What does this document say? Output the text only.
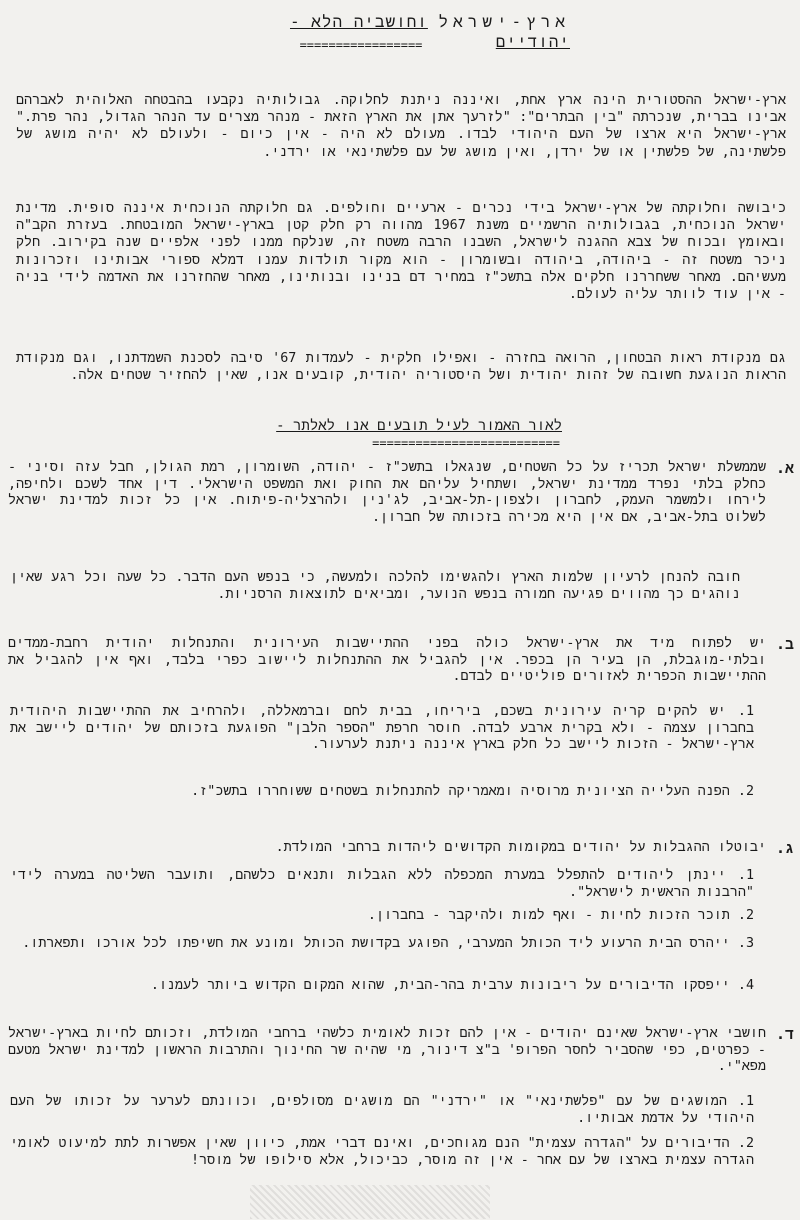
ארץ-ישראל וחושביה הלא - יהודיים
=================

ארץ-ישראל ההסטורית הינה ארץ אחת, ואיננה ניתנת לחלוקה. גבולותיה נקבעו בהבטחה האלוהית לאברהם אבינו בברית, שנכרתה "בין הבתרים": "לזרעך אתן את הארץ הזאת - מנהר מצרים עד הנהר הגדול, נהר פרת." ארץ-ישראל היא ארצו של העם היהודי לבדו. מעולם לא היה - אין כיום - ולעולם לא יהיה מושג של פלשתינה, של פלשתין או של ירדן, ואין מושג של עם פלשתינאי או ירדני.

כיבושה וחלוקתה של ארץ-ישראל בידי נכרים - ארעיים וחולפים. גם חלוקתה הנוכחית איננה סופית. מדינת ישראל הנוכחית, בגבולותיה הרשמיים משנת 1967 מהווה רק חלק קטן בארץ-ישראל המובטחת. בעזרת הקב"ה ובאומץ ובכוח של צבא ההגנה לישראל, השבנו הרבה משטח זה, שנלקח ממנו לפני אלפיים שנה בקירוב. חלק ניכר משטח זה - ביהודה, ביהודה ובשומרון - הוא מקור תולדות עמנו דמלא ספורי אבותינו וזכרונות מעשיהם. מאחר ששחררנו חלקים אלה בתשכ"ז במחיר דם בנינו ובנותינו, מאחר שהחזרנו את האדמה לידי בניה - אין עוד לוותר עליה לעולם.

גם מנקודת ראות הבטחון, הרואה בחזרה - ואפילו חלקית - לעמדות 67' סיבה לסכנת השמדתנו, וגם מנקודת הראות הנוגעת חשובה של זהות יהודית ושל היסטוריה יהודית, קובעים אנו, שאין להחזיר שטחים אלה.

לאור האמור לעיל תובעים אנו לאלתר -
==========================
א.

שממשלת ישראל תכריז על כל השטחים, שנגאלו בתשכ"ז - יהודה, השומרון, רמת הגולן, חבל עזה וסיני - כחלק בלתי נפרד ממדינת ישראל, ושתחיל עליהם את החוק ואת המשפט הישראלי. דין אחד לשכם ולחיפה, לירחו ולמשמר העמק, לחברון ולצפון-תל-אביב, לג'נין ולהרצליה-פיתוח. אין כל זכות למדינת ישראל לשלוט בתל-אביב, אם אין היא מכירה בזכותה של חברון.

חובה להנחן לרעיון שלמות הארץ ולהגשימו להלכה ולמעשה, כי בנפש העם הדבר. כל שעה וכל רגע שאין נוהגים כך מהווים פגיעה חמורה בנפש הנוער, ומביאים לתוצאות הרסניות.

ב.

יש לפתוח מיד את ארץ-ישראל כולה בפני ההתיישבות העירונית והתנחלות יהודית רחבת-ממדים ובלתי-מוגבלת, הן בעיר הן בכפר. אין להגביל את ההתנחלות ליישוב כפרי בלבד, ואף אין להגביל את ההתיישבות הכפרית לאזורים פוליטיים לבדם.

1. יש להקים קריה עירונית בשכם, ביריחו, בבית לחם וברמאללה, ולהרחיב את ההתיישבות היהודית בחברון עצמה - ולא בקרית ארבע לבדה. חוסר חרפת "הספר הלבן" הפוגעת בזכותם של יהודים ליישב את ארץ-ישראל - הזכות ליישב כל חלק בארץ איננה ניתנת לערעור.

2. הפנה העלייה הציונית מרוסיה ומאמריקה להתנחלות בשטחים ששוחררו בתשכ"ז.

ג.

יבוטלו ההגבלות על יהודים במקומות הקדושים ליהדות ברחבי המולדת.

1. יינתן ליהודים להתפלל במערת המכפלה ללא הגבלות ותנאים כלשהם, ותועבר השליטה במערה לידי "הרבנות הראשית לישראל".

2. תוכר הזכות לחיות - ואף למות ולהיקבר - בחברון.

3. ייהרס הבית הרעוע ליד הכותל המערבי, הפוגע בקדושת הכותל ומונע את חשיפתו לכל אורכו ותפארתו.

4. ייפסקו הדיבורים על ריבונות ערבית בהר-הבית, שהוא המקום הקדוש ביותר לעמנו.

ד.

חושבי ארץ-ישראל שאינם יהודים - אין להם זכות לאומית כלשהי ברחבי המולדת, וזכותם לחיות בארץ-ישראל - כפרטים, כפי שהסביר לחסר הפרופ' ב"צ דינור, מי שהיה שר החינוך והתרבות הראשון למדינת ישראל מטעם מפא"י.

1. המושגים של עם "פלשתינאי" או "ירדני" הם מושגים מסולפים, וכוונתם לערער על זכותו של העם היהודי על אדמת אבותיו.

2. הדיבורים על "הגדרה עצמית" הנם מגוחכים, ואינם דברי אמת, כיוון שאין אפשרות לתת למיעוט לאומי הגדרה עצמית בארצו של עם אחר - אין זה מוסר, כביכול, אלא סילופו של מוסר!
